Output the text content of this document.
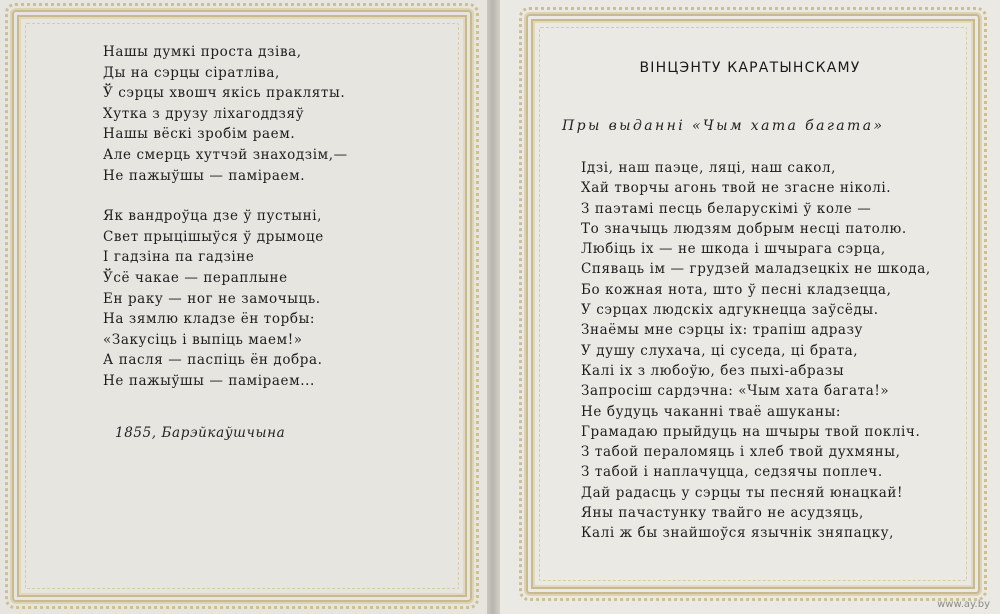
Нашы думкі проста дзіва,
Ды на сэрцы сіратліва,
Ў сэрцы хвошч якісь пракляты.
Хутка з друзу ліхагоддзяў
Нашы вёскі зробім раем.
Але смерць хутчэй знаходзім,—
Не пажыўшы — паміраем.
Як вандроўца дзе ў пустыні,
Свет прыцішыўся ў дрымоце
І гадзіна па гадзіне
Ўсё чакае — пераплыне
Ен раку — ног не замочыць.
На зямлю кладзе ён торбы:
«Закусіць і выпіць маем!»
А пасля — паспіць ён добра.
Не пажыўшы — паміраем...
1855, Барэйкаўшчына
ВІНЦЭНТУ КАРАТЫНСКАМУ
Пры выданні «Чым хата багата»
Ідзі, наш паэце, ляці, наш сакол,
Хай творчы агонь твой не згасне ніколі.
З паэтамі песць беларускімі ў коле —
То значыць людзям добрым несці патолю.
Любіць іх — не шкода і шчырага сэрца,
Спяваць ім — грудзей маладзецкіх не шкода,
Бо кожная нота, што ў песні кладзецца,
У сэрцах людскіх адгукнецца заўсёды.
Знаёмы мне сэрцы іх: трапіш адразу
У душу слухача, ці суседа, ці брата,
Калі іх з любоўю, без пыхі-абразы
Запросіш сардэчна: «Чым хата багата!»
Не будуць чаканні тваё ашуканы:
Грамадаю прыйдуць на шчыры твой покліч.
З табой пераломяць і хлеб твой духмяны,
З табой і наплачуцца, седзячы поплеч.
Дай радасць у сэрцы ты песняй юнацкай!
Яны пачастунку твайго не асудзяць,
Калі ж бы знайшоўся язычнік зняпацку,
www.ay.by
